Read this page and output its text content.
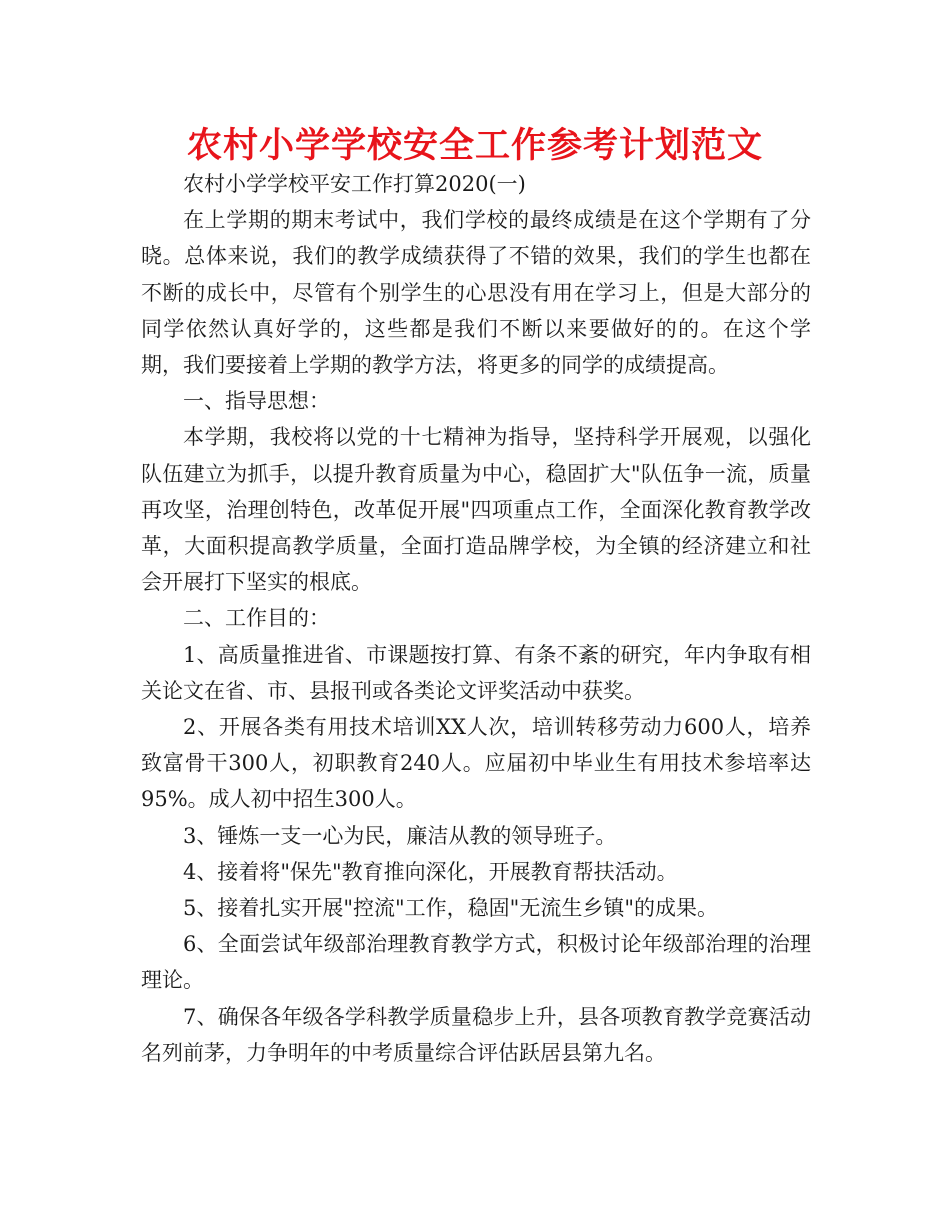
农村小学学校安全工作参考计划范文

农村小学学校平安工作打算2020(一)

在上学期的期末考试中，我们学校的最终成绩是在这个学期有了分晓。总体来说，我们的教学成绩获得了不错的效果，我们的学生也都在不断的成长中，尽管有个别学生的心思没有用在学习上，但是大部分的同学依然认真好学的，这些都是我们不断以来要做好的的。在这个学期，我们要接着上学期的教学方法，将更多的同学的成绩提高。

一、指导思想：

本学期，我校将以党的十七精神为指导，坚持科学开展观，以强化队伍建立为抓手，以提升教育质量为中心，稳固扩大"队伍争一流，质量再攻坚，治理创特色，改革促开展"四项重点工作，全面深化教育教学改革，大面积提高教学质量，全面打造品牌学校，为全镇的经济建立和社会开展打下坚实的根底。

二、工作目的：

1、高质量推进省、市课题按打算、有条不紊的研究，年内争取有相关论文在省、市、县报刊或各类论文评奖活动中获奖。

2、开展各类有用技术培训XX人次，培训转移劳动力600人，培养致富骨干300人，初职教育240人。应届初中毕业生有用技术参培率达95%。成人初中招生300人。

3、锤炼一支一心为民，廉洁从教的领导班子。

4、接着将"保先"教育推向深化，开展教育帮扶活动。

5、接着扎实开展"控流"工作，稳固"无流生乡镇"的成果。

6、全面尝试年级部治理教育教学方式，积极讨论年级部治理的治理理论。

7、确保各年级各学科教学质量稳步上升，县各项教育教学竞赛活动名列前茅，力争明年的中考质量综合评估跃居县第九名。
